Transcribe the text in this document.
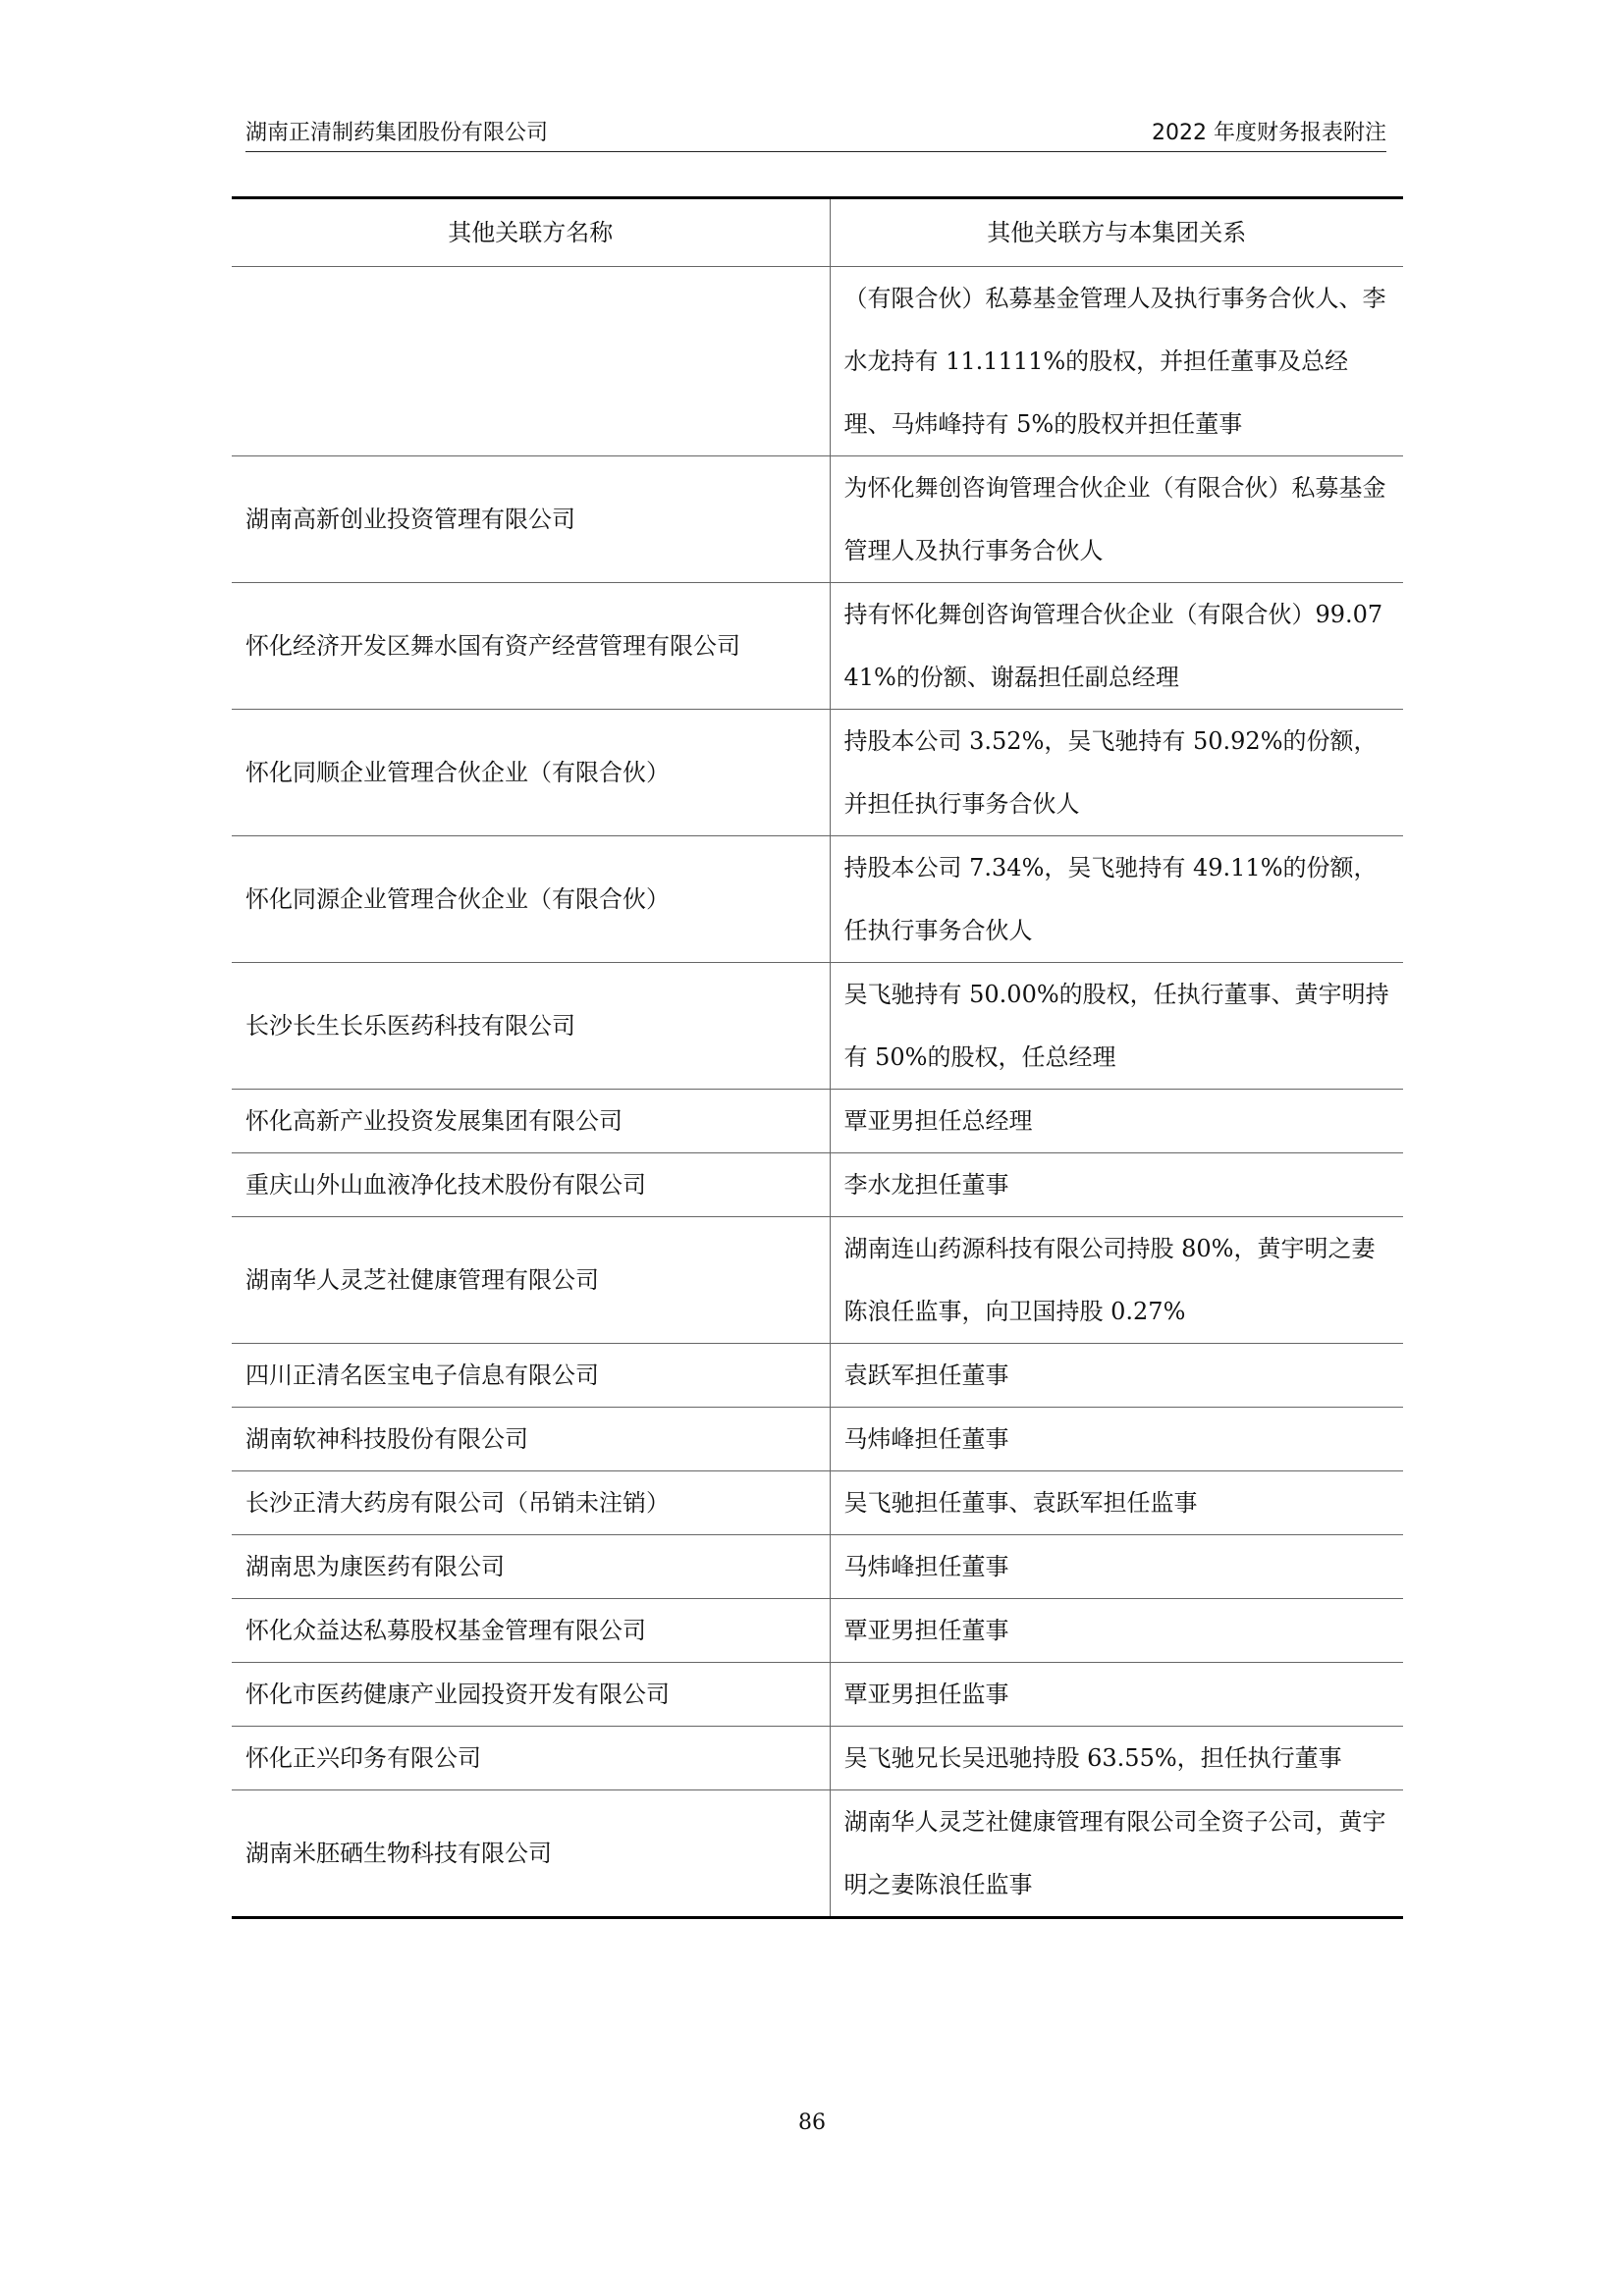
湖南正清制药集团股份有限公司	2022 年度财务报表附注
其他关联方名称	其他关联方与本集团关系
	（有限合伙）私募基金管理人及执行事务合伙人、李水龙持有 11.1111%的股权，并担任董事及总经理、马炜峰持有 5%的股权并担任董事
湖南高新创业投资管理有限公司	为怀化舞创咨询管理合伙企业（有限合伙）私募基金管理人及执行事务合伙人
怀化经济开发区舞水国有资产经营管理有限公司	持有怀化舞创咨询管理合伙企业（有限合伙）99.0741%的份额、谢磊担任副总经理
怀化同顺企业管理合伙企业（有限合伙）	持股本公司 3.52%，吴飞驰持有 50.92%的份额，并担任执行事务合伙人
怀化同源企业管理合伙企业（有限合伙）	持股本公司 7.34%，吴飞驰持有 49.11%的份额，任执行事务合伙人
长沙长生长乐医药科技有限公司	吴飞驰持有 50.00%的股权，任执行董事、黄宇明持有 50%的股权，任总经理
怀化高新产业投资发展集团有限公司	覃亚男担任总经理
重庆山外山血液净化技术股份有限公司	李水龙担任董事
湖南华人灵芝社健康管理有限公司	湖南连山药源科技有限公司持股 80%，黄宇明之妻陈浪任监事，向卫国持股 0.27%
四川正清名医宝电子信息有限公司	袁跃军担任董事
湖南软神科技股份有限公司	马炜峰担任董事
长沙正清大药房有限公司（吊销未注销）	吴飞驰担任董事、袁跃军担任监事
湖南思为康医药有限公司	马炜峰担任董事
怀化众益达私募股权基金管理有限公司	覃亚男担任董事
怀化市医药健康产业园投资开发有限公司	覃亚男担任监事
怀化正兴印务有限公司	吴飞驰兄长吴迅驰持股 63.55%，担任执行董事
湖南米胚硒生物科技有限公司	湖南华人灵芝社健康管理有限公司全资子公司，黄宇明之妻陈浪任监事
86
